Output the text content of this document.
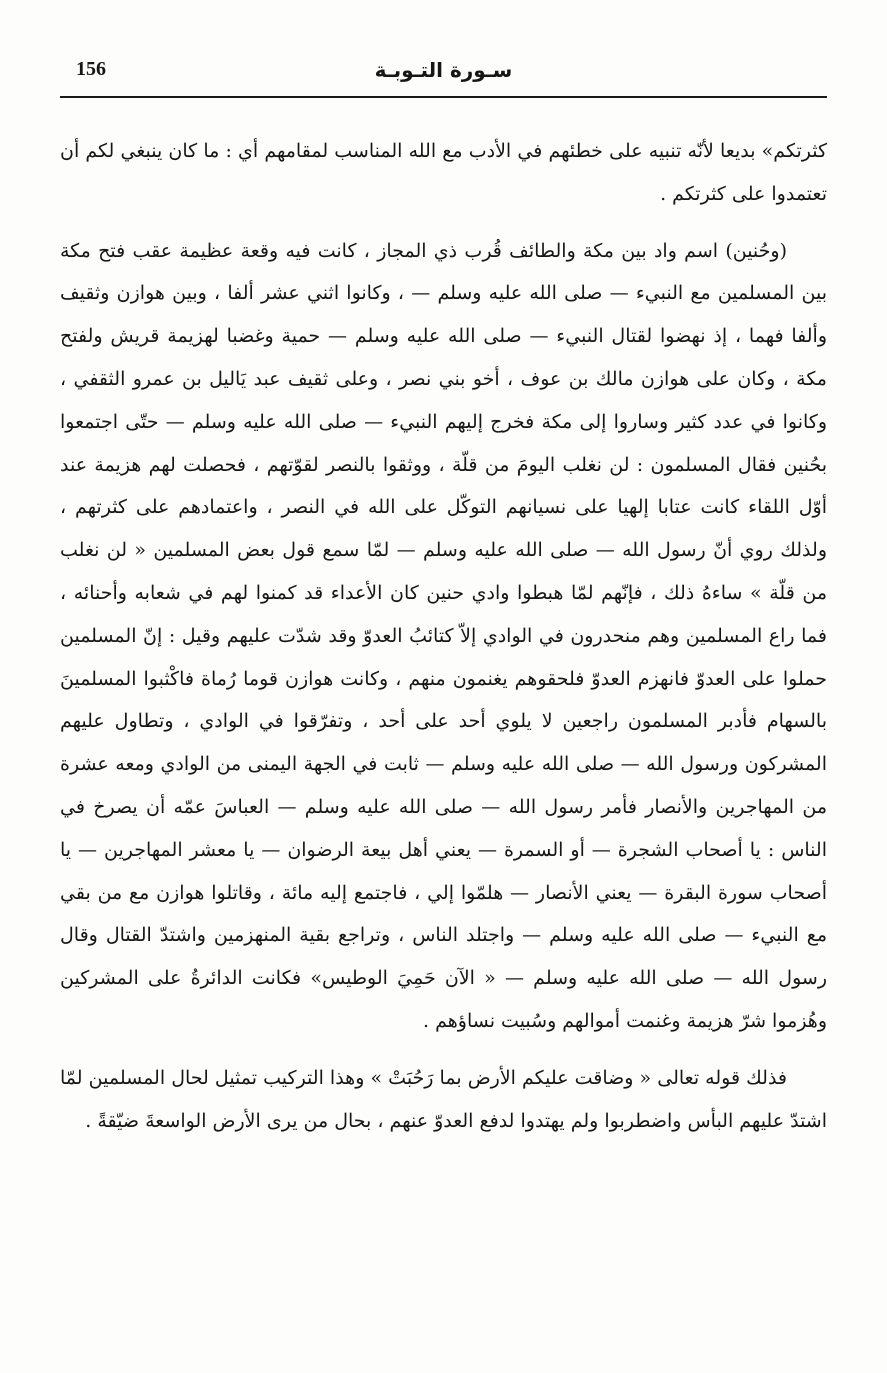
156	سـورة التـوبـة

كثرتكم» بديعا لأنّه تنبيه على خطئهم في الأدب مع الله المناسب لمقامهم أي : ما كان ينبغي لكم أن تعتمدوا على كثرتكم .

(وحُنين) اسم واد بين مكة والطائف قُرب ذي المجاز ، كانت فيه وقعة عظيمة عقب فتح مكة بين المسلمين مع النبيء — صلى الله عليه وسلم — ، وكانوا اثني عشر ألفا ، وبين هوازن وثقيف وألفا فهما ، إذ نهضوا لقتال النبيء — صلى الله عليه وسلم — حمية وغضبا لهزيمة قريش ولفتح مكة ، وكان على هوازن مالك بن عوف ، أخو بني نصر ، وعلى ثقيف عبد يَاليل بن عمرو الثقفي ، وكانوا في عدد كثير وساروا إلى مكة فخرج إليهم النبيء — صلى الله عليه وسلم — حتّى اجتمعوا بحُنين فقال المسلمون : لن نغلب اليومَ من قلّة ، ووثقوا بالنصر لقوّتهم ، فحصلت لهم هزيمة عند أوّل اللقاء كانت عتابا إلهيا على نسيانهم التوكّل على الله في النصر ، واعتمادهم على كثرتهم ، ولذلك روي أنّ رسول الله — صلى الله عليه وسلم — لمّا سمع قول بعض المسلمين « لن نغلب من قلّة » ساءهُ ذلك ، فإنّهم لمّا هبطوا وادي حنين كان الأعداء قد كمنوا لهم في شعابه وأحنائه ، فما راع المسلمين وهم منحدرون في الوادي إلاّ كتائبُ العدوّ وقد شدّت عليهم وقيل : إنّ المسلمين حملوا على العدوّ فانهزم العدوّ فلحقوهم يغنمون منهم ، وكانت هوازن قوما رُماة فاكْثبوا المسلمينَ بالسهام فأدبر المسلمون راجعين لا يلوي أحد على أحد ، وتفرّقوا في الوادي ، وتطاول عليهم المشركون ورسول الله — صلى الله عليه وسلم — ثابت في الجهة اليمنى من الوادي ومعه عشرة من المهاجرين والأنصار فأمر رسول الله — صلى الله عليه وسلم — العباسَ عمّه أن يصرخ في الناس : يا أصحاب الشجرة — أو السمرة — يعني أهل بيعة الرضوان — يا معشر المهاجرين — يا أصحاب سورة البقرة — يعني الأنصار — هلمّوا إلي ، فاجتمع إليه مائة ، وقاتلوا هوازن مع من بقي مع النبيء — صلى الله عليه وسلم — واجتلد الناس ، وتراجع بقية المنهزمين واشتدّ القتال وقال رسول الله — صلى الله عليه وسلم — « الآن حَمِيَ الوطيس» فكانت الدائرةُ على المشركين وهُزموا شرّ هزيمة وغنمت أموالهم وسُبيت نساؤهم .

فذلك قوله تعالى « وضاقت عليكم الأرض بما رَحُبَتْ » وهذا التركيب تمثيل لحال المسلمين لمّا اشتدّ عليهم البأس واضطربوا ولم يهتدوا لدفع العدوّ عنهم ، بحال من يرى الأرض الواسعةَ ضيّقةً .
